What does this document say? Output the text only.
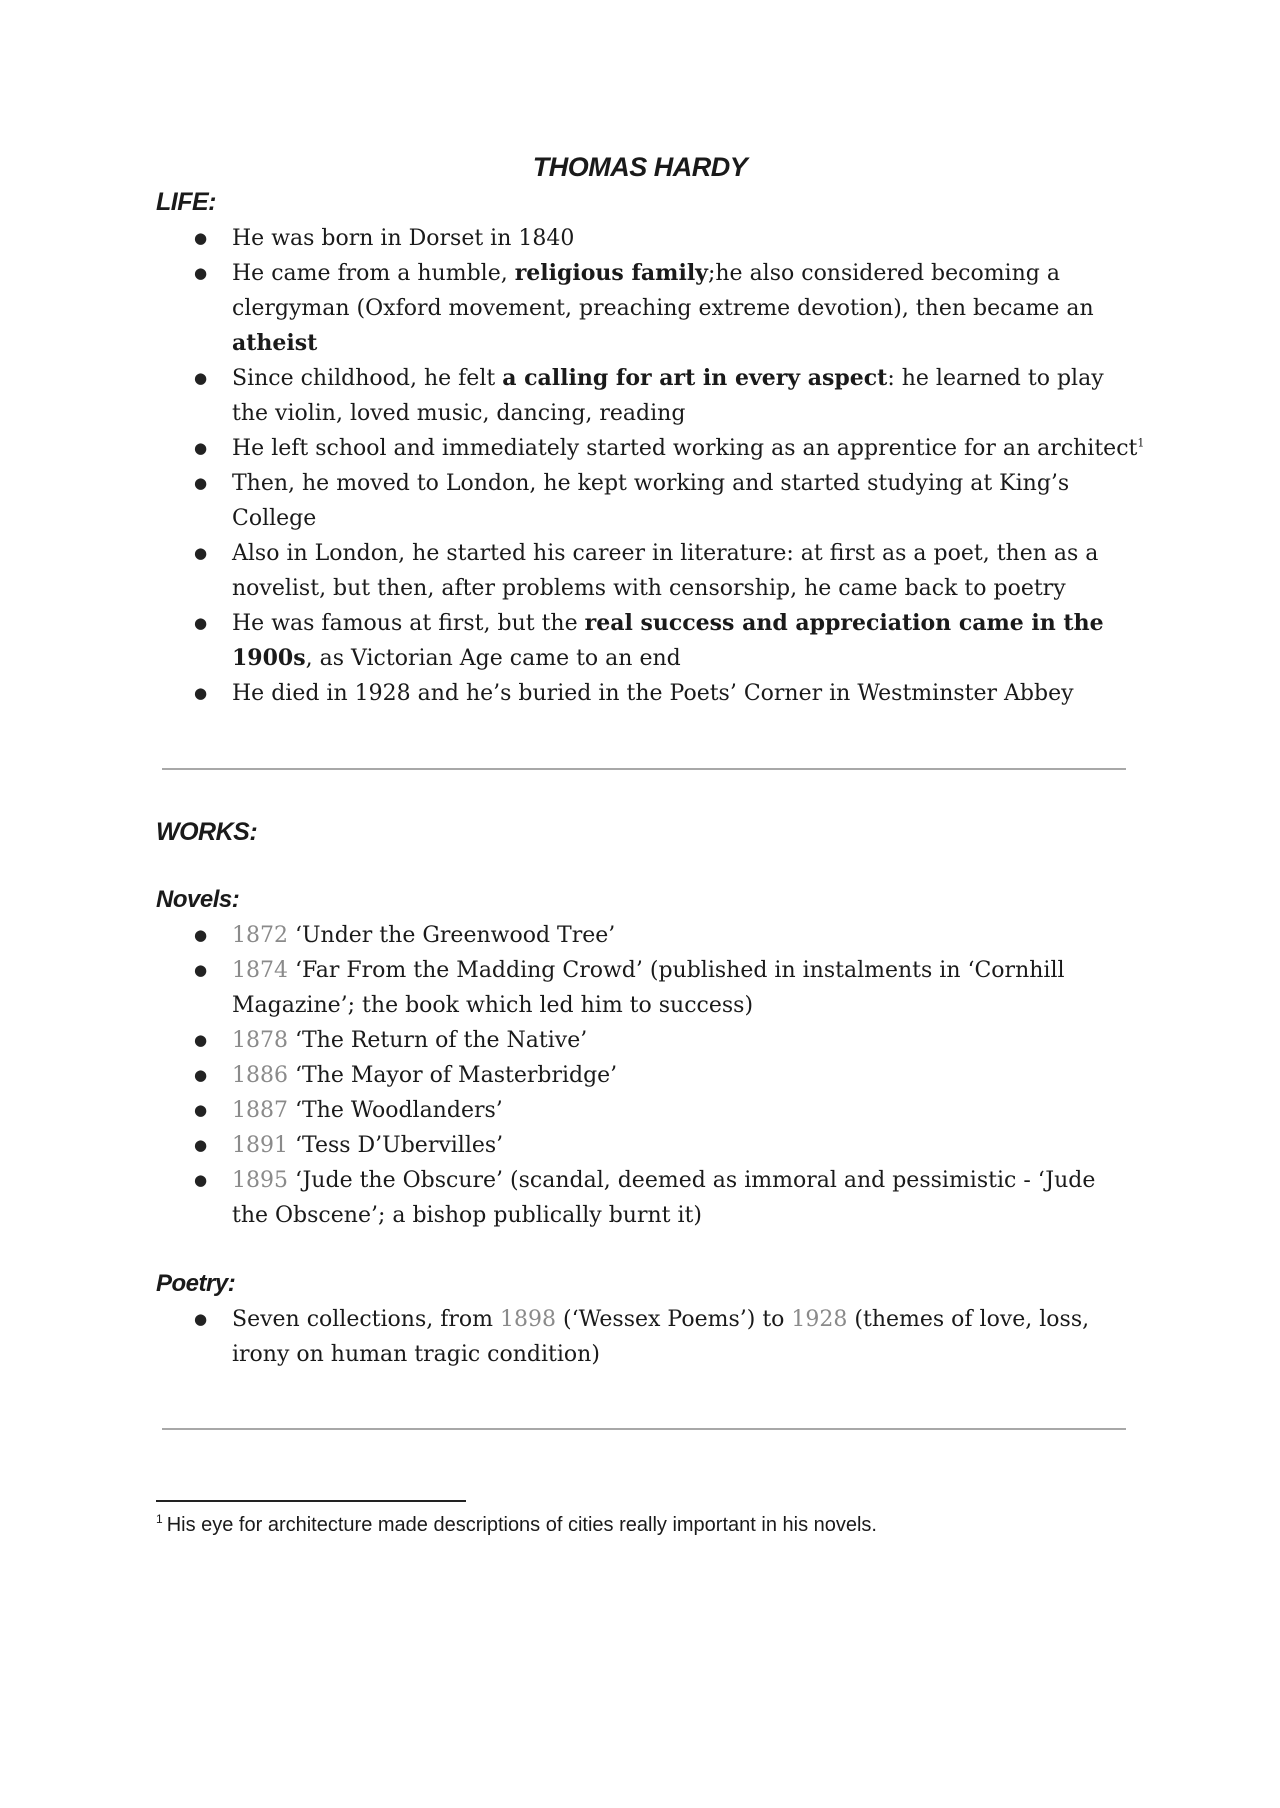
THOMAS HARDY
LIFE:
● He was born in Dorset in 1840
● He came from a humble, religious family;he also considered becoming a clergyman (Oxford movement, preaching extreme devotion), then became an atheist
● Since childhood, he felt a calling for art in every aspect: he learned to play the violin, loved music, dancing, reading
● He left school and immediately started working as an apprentice for an architect$^1$
● Then, he moved to London, he kept working and started studying at King’s College
● Also in London, he started his career in literature: at first as a poet, then as a novelist, but then, after problems with censorship, he came back to poetry
● He was famous at first, but the real success and appreciation came in the 1900s, as Victorian Age came to an end
● He died in 1928 and he’s buried in the Poets’ Corner in Westminster Abbey
WORKS:
Novels:
● 1872 ‘Under the Greenwood Tree’
● 1874 ‘Far From the Madding Crowd’ (published in instalments in ‘Cornhill Magazine’; the book which led him to success)
● 1878 ‘The Return of the Native’
● 1886 ‘The Mayor of Masterbridge’
● 1887 ‘The Woodlanders’
● 1891 ‘Tess D’Ubervilles’
● 1895 ‘Jude the Obscure’ (scandal, deemed as immoral and pessimistic - ‘Jude the Obscene’; a bishop publically burnt it)
Poetry:
● Seven collections, from 1898 (‘Wessex Poems’) to 1928 (themes of love, loss, irony on human tragic condition)

$^1$ His eye for architecture made descriptions of cities really important in his novels.
